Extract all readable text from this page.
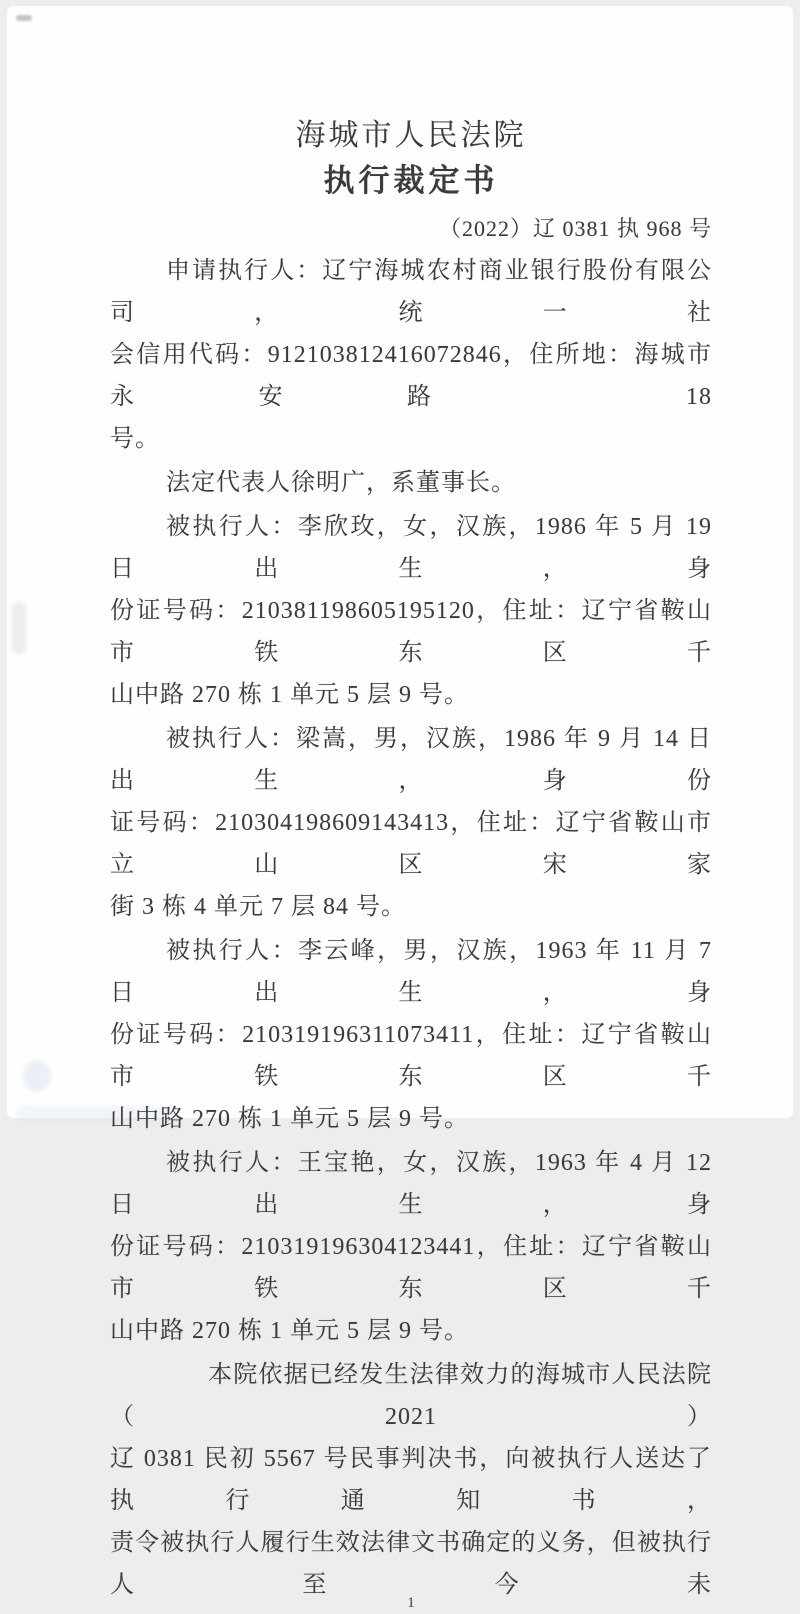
海城市人民法院
执行裁定书
（2022）辽 0381 执 968 号
申请执行人：辽宁海城农村商业银行股份有限公司，统一社
会信用代码：912103812416072846，住所地：海城市永安路 18
号。
法定代表人徐明广，系董事长。
被执行人：李欣玫，女，汉族，1986 年 5 月 19 日出生，身
份证号码：210381198605195120，住址：辽宁省鞍山市铁东区千
山中路 270 栋 1 单元 5 层 9 号。
被执行人：梁嵩，男，汉族，1986 年 9 月 14 日出生，身份
证号码：210304198609143413，住址：辽宁省鞍山市立山区宋家
街 3 栋 4 单元 7 层 84 号。
被执行人：李云峰，男，汉族，1963 年 11 月 7 日出生，身
份证号码：210319196311073411，住址：辽宁省鞍山市铁东区千
山中路 270 栋 1 单元 5 层 9 号。
被执行人：王宝艳，女，汉族，1963 年 4 月 12 日出生，身
份证号码：210319196304123441，住址：辽宁省鞍山市铁东区千
山中路 270 栋 1 单元 5 层 9 号。
本院依据已经发生法律效力的海城市人民法院（2021）
辽 0381 民初 5567 号民事判决书，向被执行人送达了执行通知书，
责令被执行人履行生效法律文书确定的义务，但被执行人至今未
1
